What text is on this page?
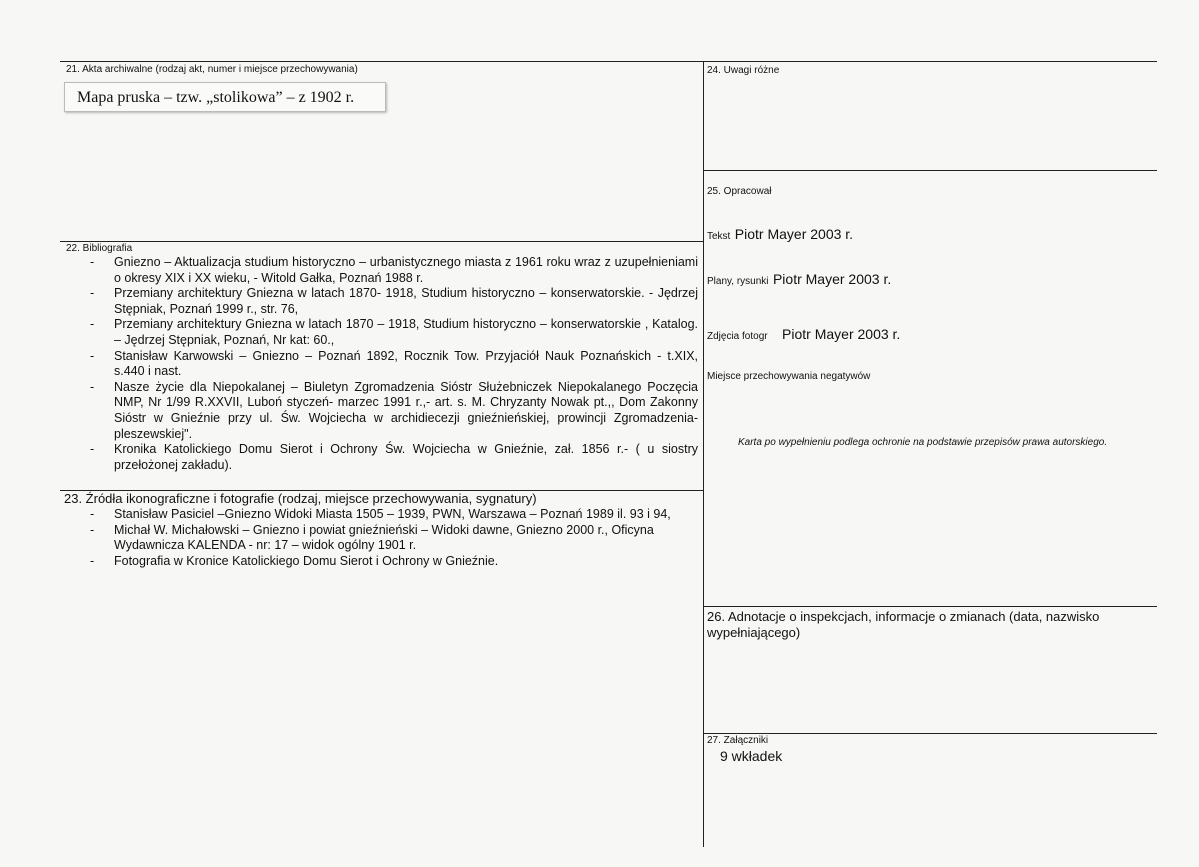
21. Akta archiwalne (rodzaj akt, numer i miejsce przechowywania)
Mapa pruska – tzw. „stolikowa” – z 1902 r.
22. Bibliografia
- Gniezno – Aktualizacja studium historyczno – urbanistycznego miasta z 1961 roku wraz z uzupełnieniami o okresy XIX i XX wieku, - Witold Gałka, Poznań 1988 r.
- Przemiany architektury Gniezna w latach 1870- 1918, Studium historyczno – konserwatorskie. - Jędrzej Stępniak, Poznań 1999 r., str. 76,
- Przemiany architektury Gniezna w latach 1870 – 1918, Studium historyczno – konserwatorskie , Katalog. – Jędrzej Stępniak, Poznań, Nr kat: 60.,
- Stanisław Karwowski – Gniezno – Poznań 1892, Rocznik Tow. Przyjaciół Nauk Poznańskich - t.XIX, s.440 i nast.
- Nasze życie dla Niepokalanej – Biuletyn Zgromadzenia Sióstr Służebniczek Niepokalanego Poczęcia NMP, Nr 1/99 R.XXVII, Luboń styczeń- marzec 1991 r.,- art. s. M. Chryzanty Nowak pt.,, Dom Zakonny Sióstr w Gnieźnie przy ul. Św. Wojciecha w archidiecezji gnieźnieńskiej, prowincji Zgromadzenia- pleszewskiej".
- Kronika Katolickiego Domu Sierot i Ochrony Św. Wojciecha w Gnieźnie, zał. 1856 r.- ( u siostry przełożonej zakładu).
23. Źródła ikonograficzne i fotografie (rodzaj, miejsce przechowywania, sygnatury)
- Stanisław Pasiciel –Gniezno Widoki Miasta 1505 – 1939, PWN, Warszawa – Poznań 1989 il. 93 i 94,
- Michał W. Michałowski – Gniezno i powiat gnieźnieński – Widoki dawne, Gniezno 2000 r., Oficyna Wydawnicza KALENDA - nr: 17 – widok ogólny 1901 r.
- Fotografia w Kronice Katolickiego Domu Sierot i Ochrony w Gnieźnie.
24. Uwagi różne
25. Opracował
Tekst Piotr Mayer 2003 r.
Plany, rysunki Piotr Mayer 2003 r.
Zdjęcia fotogr Piotr Mayer 2003 r.
Miejsce przechowywania negatywów
Karta po wypełnieniu podlega ochronie na podstawie przepisów prawa autorskiego.
26. Adnotacje o inspekcjach, informacje o zmianach (data, nazwisko wypełniającego)
27. Załączniki
9 wkładek
